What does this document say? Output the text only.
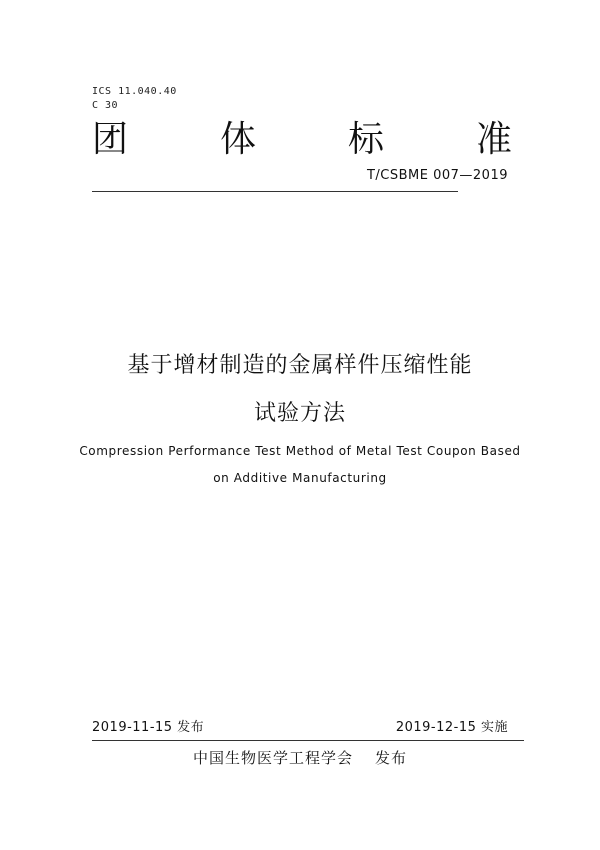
ICS 11.040.40
C 30
团	体	标	准
T/CSBME 007—2019
基于增材制造的金属样件压缩性能
试验方法
Compression Performance Test Method of Metal Test Coupon Based
on Additive Manufacturing
2019-11-15 发布	2019-12-15 实施
中国生物医学工程学会 发布
